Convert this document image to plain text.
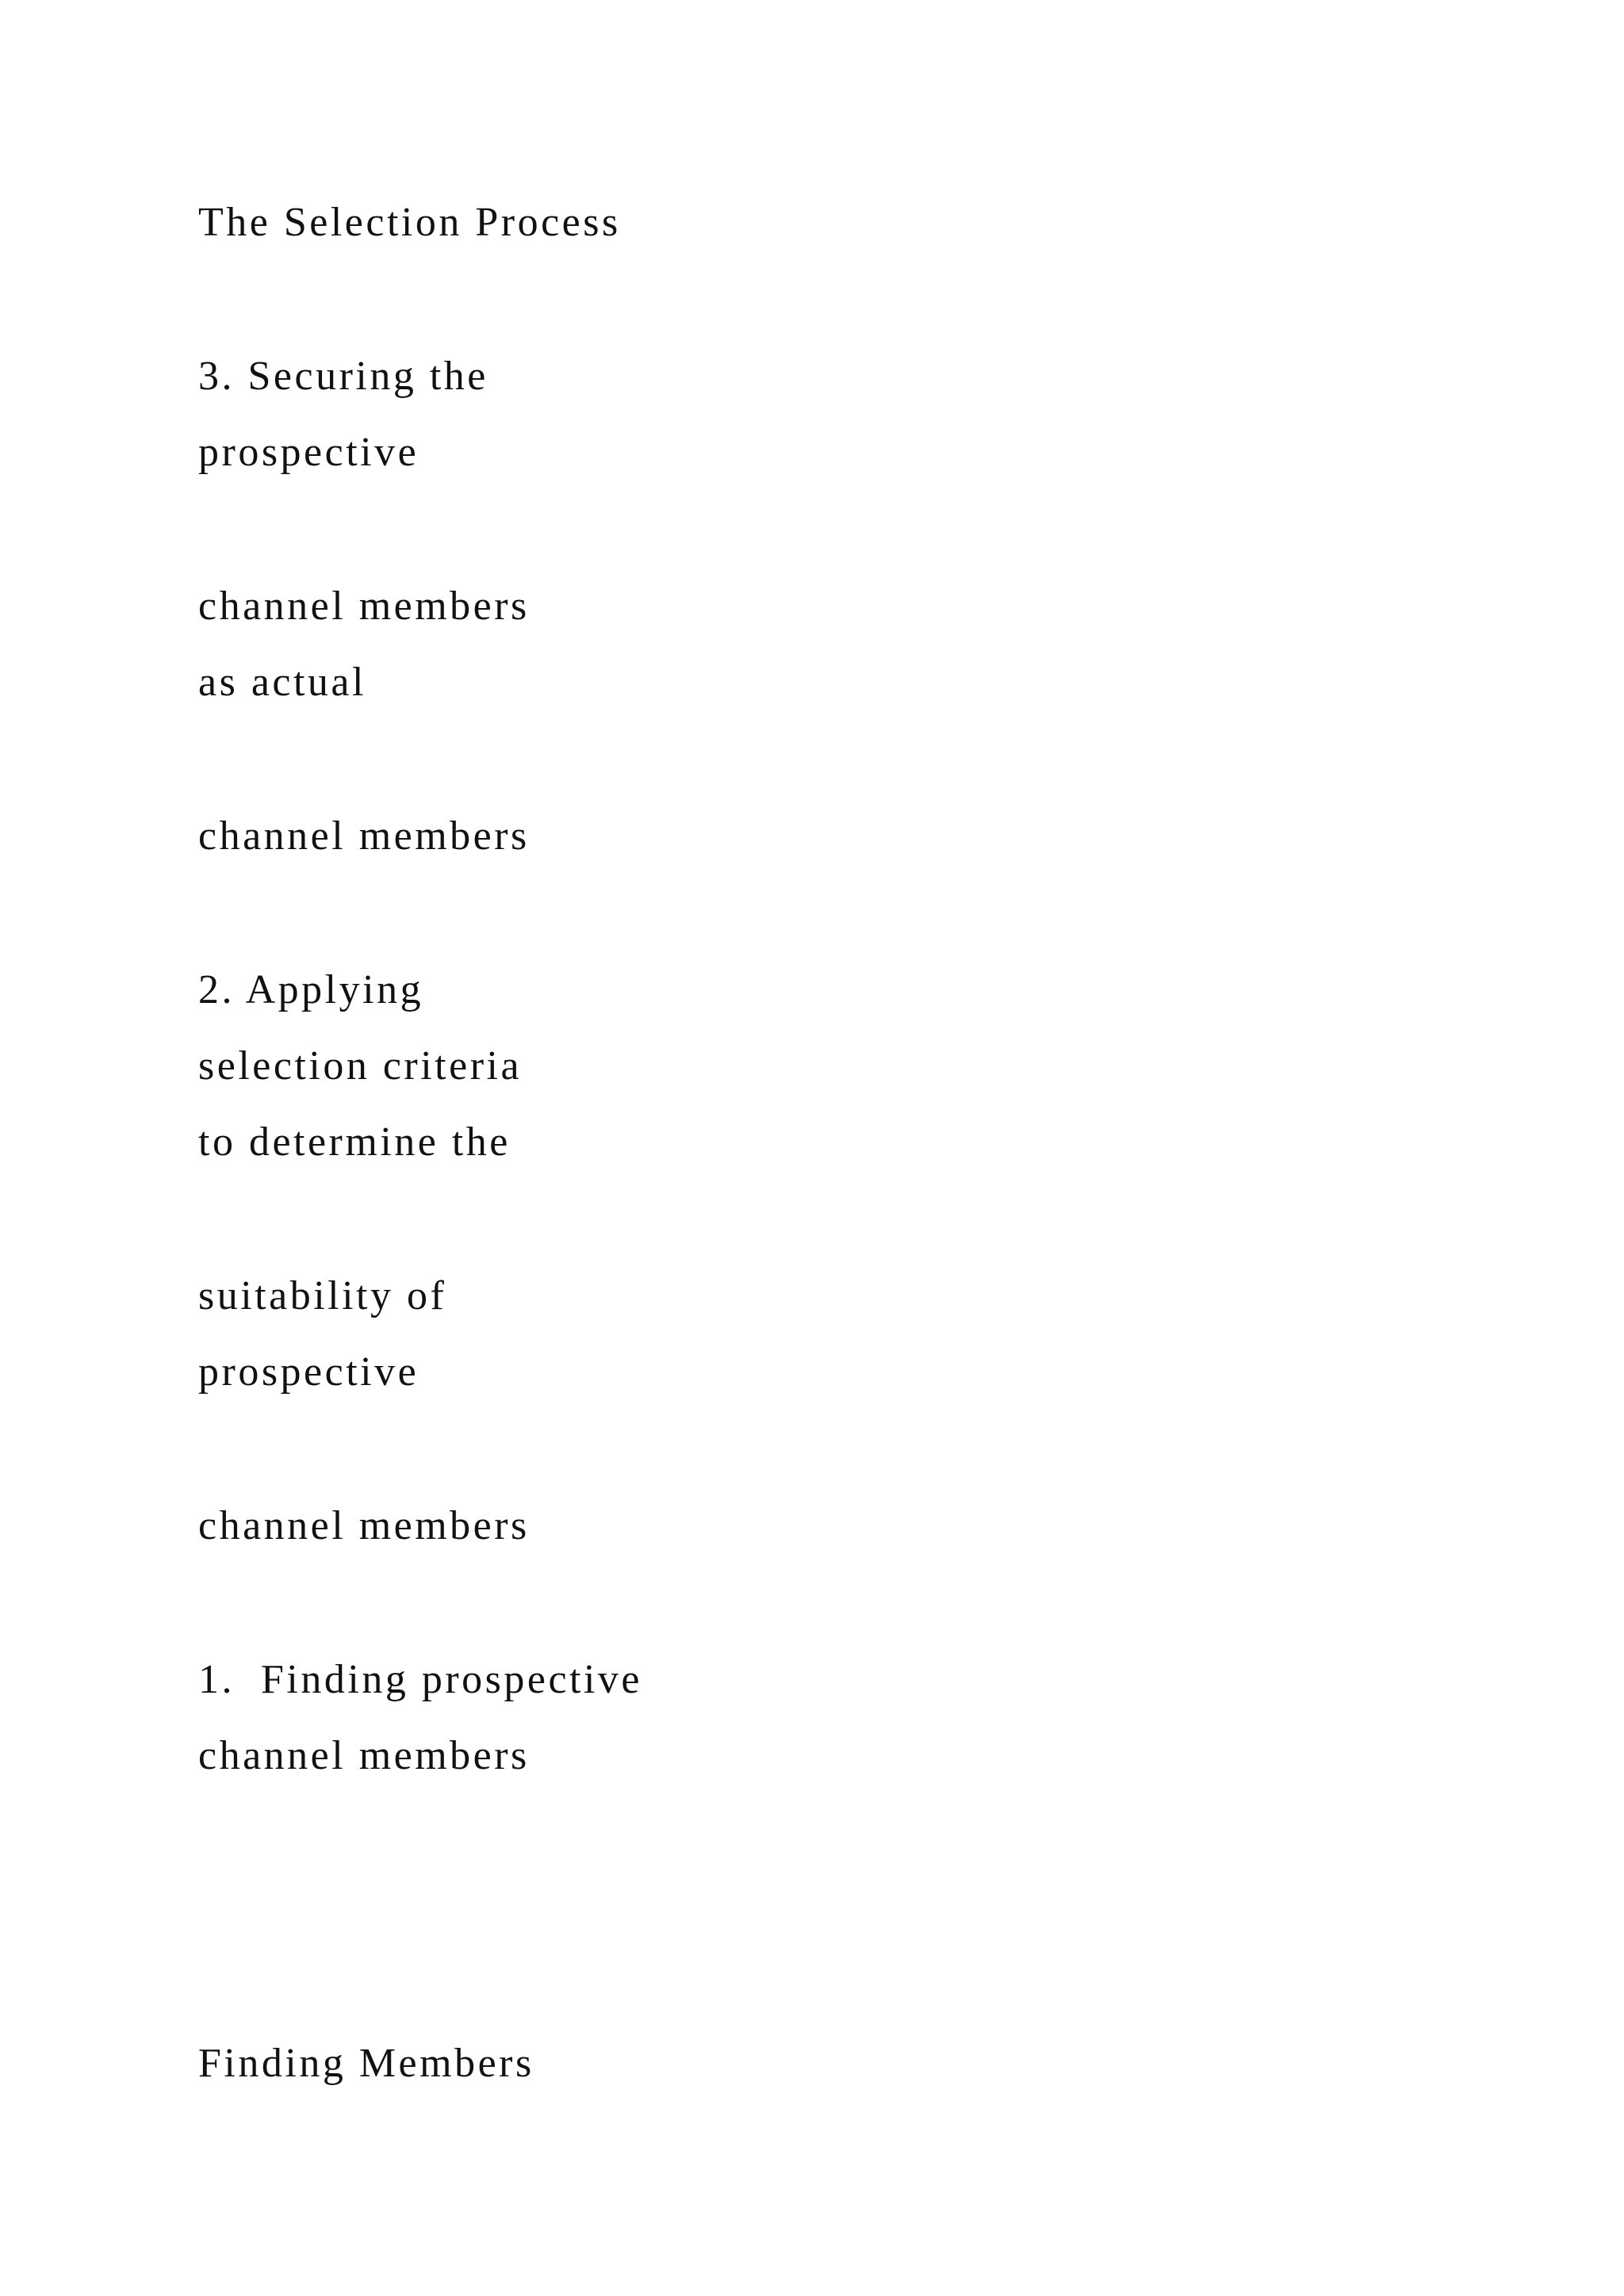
The Selection Process
3. Securing the
prospective
channel members
as actual
channel members
2. Applying
selection criteria
to determine the
suitability of
prospective
channel members
1.  Finding prospective
channel members
Finding Members
